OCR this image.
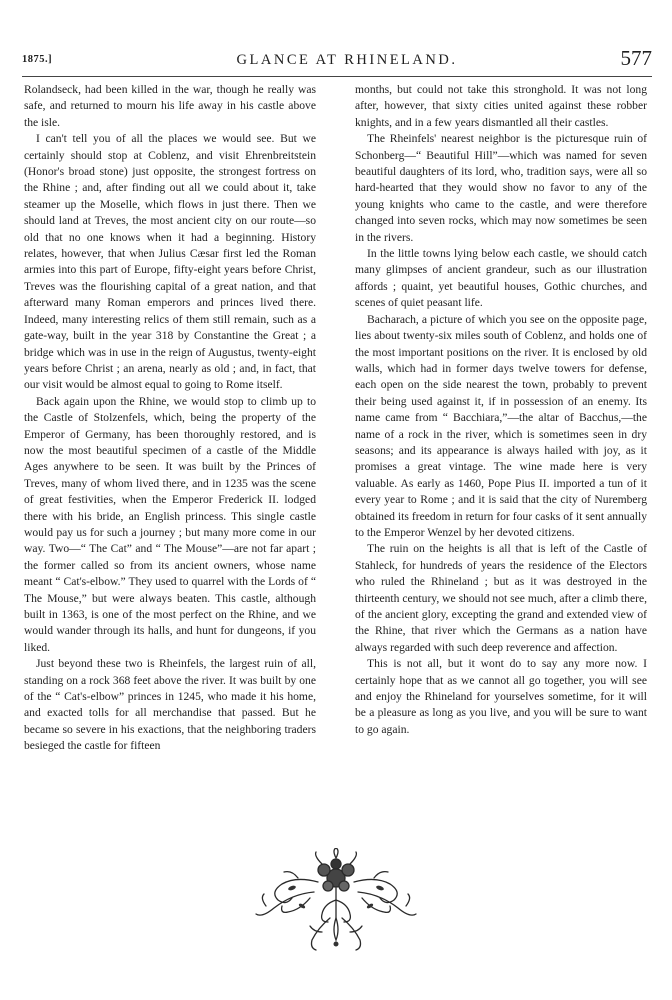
1875.]	GLANCE AT RHINELAND.	577

Rolandseck, had been killed in the war, though he really was safe, and returned to mourn his life away in his castle above the isle.

I can't tell you of all the places we would see. But we certainly should stop at Coblenz, and visit Ehrenbreitstein (Honor's broad stone) just opposite, the strongest fortress on the Rhine ; and, after finding out all we could about it, take steamer up the Moselle, which flows in just there. Then we should land at Treves, the most ancient city on our route—so old that no one knows when it had a beginning. History relates, however, that when Julius Cæsar first led the Roman armies into this part of Europe, fifty-eight years before Christ, Treves was the flourishing capital of a great nation, and that afterward many Roman emperors and princes lived there. Indeed, many interesting relics of them still remain, such as a gate-way, built in the year 318 by Constantine the Great ; a bridge which was in use in the reign of Augustus, twenty-eight years before Christ ; an arena, nearly as old ; and, in fact, that our visit would be almost equal to going to Rome itself.

Back again upon the Rhine, we would stop to climb up to the Castle of Stolzenfels, which, being the property of the Emperor of Germany, has been thoroughly restored, and is now the most beautiful specimen of a castle of the Middle Ages anywhere to be seen. It was built by the Princes of Treves, many of whom lived there, and in 1235 was the scene of great festivities, when the Emperor Frederick II. lodged there with his bride, an English princess. This single castle would pay us for such a journey ; but many more come in our way. Two—“ The Cat” and “ The Mouse”—are not far apart ; the former called so from its ancient owners, whose name meant “ Cat's-elbow.” They used to quarrel with the Lords of “ The Mouse,” but were always beaten. This castle, although built in 1363, is one of the most perfect on the Rhine, and we would wander through its halls, and hunt for dungeons, if you liked.

Just beyond these two is Rheinfels, the largest ruin of all, standing on a rock 368 feet above the river. It was built by one of the “ Cat's-elbow” princes in 1245, who made it his home, and exacted tolls for all merchandise that passed. But he became so severe in his exactions, that the neighboring traders besieged the castle for fifteen

months, but could not take this stronghold. It was not long after, however, that sixty cities united against these robber knights, and in a few years dismantled all their castles.

The Rheinfels' nearest neighbor is the picturesque ruin of Schonberg—“ Beautiful Hill”—which was named for seven beautiful daughters of its lord, who, tradition says, were all so hard-hearted that they would show no favor to any of the young knights who came to the castle, and were therefore changed into seven rocks, which may now sometimes be seen in the rivers.

In the little towns lying below each castle, we should catch many glimpses of ancient grandeur, such as our illustration affords ; quaint, yet beautiful houses, Gothic churches, and scenes of quiet peasant life.

Bacharach, a picture of which you see on the opposite page, lies about twenty-six miles south of Coblenz, and holds one of the most important positions on the river. It is enclosed by old walls, which had in former days twelve towers for defense, each open on the side nearest the town, probably to prevent their being used against it, if in possession of an enemy. Its name came from “ Bacchiara,”—the altar of Bacchus,—the name of a rock in the river, which is sometimes seen in dry seasons; and its appearance is always hailed with joy, as it promises a great vintage. The wine made here is very valuable. As early as 1460, Pope Pius II. imported a tun of it every year to Rome ; and it is said that the city of Nuremberg obtained its freedom in return for four casks of it sent annually to the Emperor Wenzel by her devoted citizens.

The ruin on the heights is all that is left of the Castle of Stahleck, for hundreds of years the residence of the Electors who ruled the Rhineland ; but as it was destroyed in the thirteenth century, we should not see much, after a climb there, of the ancient glory, excepting the grand and extended view of the Rhine, that river which the Germans as a nation have always regarded with such deep reverence and affection.

This is not all, but it wont do to say any more now. I certainly hope that as we cannot all go together, you will see and enjoy the Rhineland for yourselves sometime, for it will be a pleasure as long as you live, and you will be sure to want to go again.
